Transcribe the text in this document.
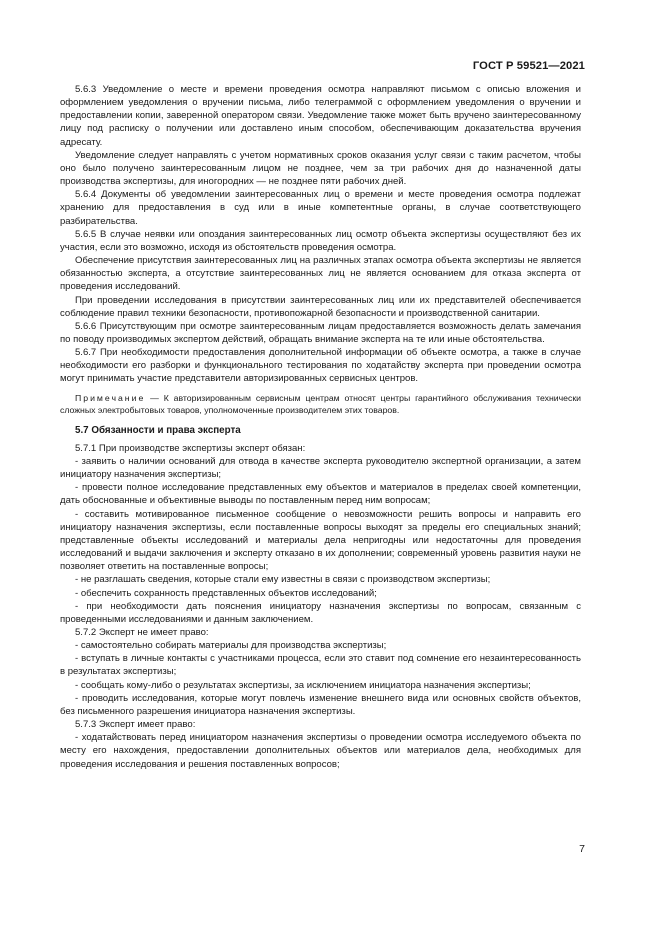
ГОСТ Р 59521—2021

5.6.3 Уведомление о месте и времени проведения осмотра направляют письмом с описью вложения и оформлением уведомления о вручении письма, либо телеграммой с оформлением уведомления о вручении и предоставлении копии, заверенной оператором связи. Уведомление также может быть вручено заинтересованному лицу под расписку о получении или доставлено иным способом, обеспечивающим доказательства вручения адресату.

Уведомление следует направлять с учетом нормативных сроков оказания услуг связи с таким расчетом, чтобы оно было получено заинтересованным лицом не позднее, чем за три рабочих дня до назначенной даты производства экспертизы, для иногородних — не позднее пяти рабочих дней.

5.6.4 Документы об уведомлении заинтересованных лиц о времени и месте проведения осмотра подлежат хранению для предоставления в суд или в иные компетентные органы, в случае соответствующего разбирательства.

5.6.5 В случае неявки или опоздания заинтересованных лиц осмотр объекта экспертизы осуществляют без их участия, если это возможно, исходя из обстоятельств проведения осмотра.

Обеспечение присутствия заинтересованных лиц на различных этапах осмотра объекта экспертизы не является обязанностью эксперта, а отсутствие заинтересованных лиц не является основанием для отказа эксперта от проведения исследований.

При проведении исследования в присутствии заинтересованных лиц или их представителей обеспечивается соблюдение правил техники безопасности, противопожарной безопасности и производственной санитарии.

5.6.6 Присутствующим при осмотре заинтересованным лицам предоставляется возможность делать замечания по поводу производимых экспертом действий, обращать внимание эксперта на те или иные обстоятельства.

5.6.7 При необходимости предоставления дополнительной информации об объекте осмотра, а также в случае необходимости его разборки и функционального тестирования по ходатайству эксперта при проведении осмотра могут принимать участие представители авторизированных сервисных центров.

Примечание — К авторизированным сервисным центрам относят центры гарантийного обслуживания технически сложных электробытовых товаров, уполномоченные производителем этих товаров.

5.7 Обязанности и права эксперта

5.7.1 При производстве экспертизы эксперт обязан:

- заявить о наличии оснований для отвода в качестве эксперта руководителю экспертной организации, а затем инициатору назначения экспертизы;

- провести полное исследование представленных ему объектов и материалов в пределах своей компетенции, дать обоснованные и объективные выводы по поставленным перед ним вопросам;

- составить мотивированное письменное сообщение о невозможности решить вопросы и направить его инициатору назначения экспертизы, если поставленные вопросы выходят за пределы его специальных знаний; представленные объекты исследований и материалы дела непригодны или недостаточны для проведения исследований и выдачи заключения и эксперту отказано в их дополнении; современный уровень развития науки не позволяет ответить на поставленные вопросы;

- не разглашать сведения, которые стали ему известны в связи с производством экспертизы;

- обеспечить сохранность представленных объектов исследований;

- при необходимости дать пояснения инициатору назначения экспертизы по вопросам, связанным с проведенными исследованиями и данным заключением.

5.7.2 Эксперт не имеет право:

- самостоятельно собирать материалы для производства экспертизы;

- вступать в личные контакты с участниками процесса, если это ставит под сомнение его незаинтересованность в результатах экспертизы;

- сообщать кому-либо о результатах экспертизы, за исключением инициатора назначения экспертизы;

- проводить исследования, которые могут повлечь изменение внешнего вида или основных свойств объектов, без письменного разрешения инициатора назначения экспертизы.

5.7.3 Эксперт имеет право:

- ходатайствовать перед инициатором назначения экспертизы о проведении осмотра исследуемого объекта по месту его нахождения, предоставлении дополнительных объектов или материалов дела, необходимых для проведения исследования и решения поставленных вопросов;

7
